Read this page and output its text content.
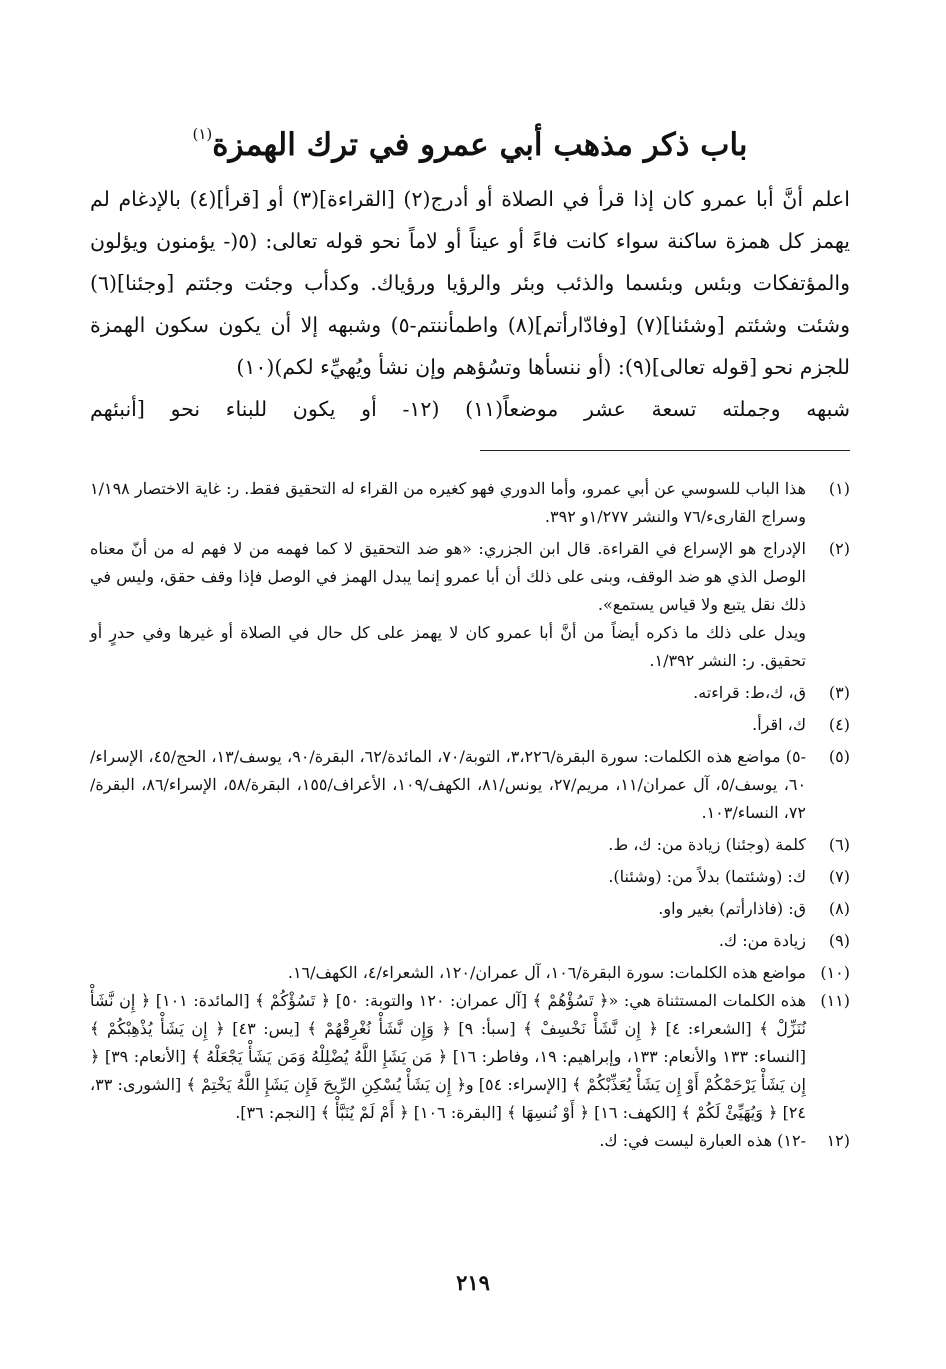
باب ذكر مذهب أبي عمرو في ترك الهمزة$^{(١)}$
اعلم أنَّ أبا عمرو كان إذا قرأ في الصلاة أو أدرج(٢) [القراءة](٣) أو [قرأ](٤) بالإدغام لم
يهمز كل همزة ساكنة سواء كانت فاءً أو عيناً أو لاماً نحو قوله تعالى: (٥(- يؤمنون ويؤلون
والمؤتفكات وبئس وبئسما والذئب وبئر والرؤيا ورؤياك. وكدأب وجئت وجئتم [وجئنا](٦)
وشئت وشئتم [وشئنا](٧) [وفادّارأتم](٨) واطمأننتم-٥) وشبهه إلا أن يكون سكون الهمزة
للجزم نحو [قوله تعالى](٩): (أو ننسأها وتسُؤهم وإن نشأ ويُهيِّء لكم)(١٠)
شبهه وجملته تسعة عشر موضعاً(١١) (١٢- أو يكون للبناء نحو [أنبئهم
(١)
هذا الباب للسوسي عن أبي عمرو، وأما الدوري فهو كغيره من القراء له التحقيق فقط. ر: غاية الاختصار ١/١٩٨ وسراج القارىء/٧٦ والنشر ١/٢٧٧و ٣٩٢.
(٢)
الإدراج هو الإسراع في القراءة. قال ابن الجزري: «هو ضد التحقيق لا كما فهمه من لا فهم له من أنّ معناه الوصل الذي هو ضد الوقف، وبنى على ذلك أن أبا عمرو إنما يبدل الهمز في الوصل فإذا وقف حقق، وليس في ذلك نقل يتبع ولا قياس يستمع».
ويدل على ذلك ما ذكره أيضاً من أنَّ أبا عمرو كان لا يهمز على كل حال في الصلاة أو غيرها وفي حدرٍ أو تحقيق. ر: النشر ١/٣٩٢.
(٣)
ق، ك،ط: قراءته.
(٤)
ك، اقرأ.
(٥)
-٥) مواضع هذه الكلمات: سورة البقرة/٣،٢٢٦، التوبة/٧٠، المائدة/٦٢، البقرة/٩٠، يوسف/١٣، الحج/٤٥، الإسراء/٦٠، يوسف/٥، آل عمران/١١، مريم/٢٧، يونس/٨١، الكهف/١٠٩، الأعراف/١٥٥، البقرة/٥٨، الإسراء/٨٦، البقرة/٧٢، النساء/١٠٣.
(٦)
كلمة (وجئنا) زيادة من: ك، ط.
(٧)
ك: (وشئتما) بدلاً من: (وشئنا).
(٨)
ق: (فاذارأتم) بغير واو.
(٩)
زيادة من: ك.
(١٠)
مواضع هذه الكلمات: سورة البقرة/١٠٦، آل عمران/١٢٠، الشعراء/٤، الكهف/١٦.
(١١)
هذه الكلمات المستثناة هي: «﴿ تَسُؤْهُمْ ﴾ [آل عمران: ١٢٠ والتوبة: ٥٠] ﴿ تَسُؤْكُمْ ﴾ [المائدة: ١٠١] ﴿ إِن نَّشَأْ نُنَزِّلْ ﴾ [الشعراء: ٤] ﴿ إِن نَّشَأْ نَخْسِفْ ﴾ [سبأ: ٩] ﴿ وَإِن نَّشَأْ نُغْرِقْهُمْ ﴾ [يس: ٤٣] ﴿ إِن يَشَأْ يُذْهِبْكُمْ ﴾ [النساء: ١٣٣ والأنعام: ١٣٣، وإبراهيم: ١٩، وفاطر: ١٦] ﴿ مَن يَشَإِ اللَّهُ يُضْلِلْهُ وَمَن يَشَأْ يَجْعَلْهُ ﴾ [الأنعام: ٣٩] ﴿ إِن يَشَأْ يَرْحَمْكُمْ أَوْ إِن يَشَأْ يُعَذِّبْكُمْ ﴾ [الإسراء: ٥٤] و﴿ إِن يَشَأْ يُسْكِنِ الرِّيحَ فَإِن يَشَإِ اللَّهُ يَخْتِمْ ﴾ [الشورى: ٣٣، ٢٤] ﴿ وَيُهَيِّئْ لَكُمْ ﴾ [الكهف: ١٦] ﴿ أَوْ نُنسِهَا ﴾ [البقرة: ١٠٦] ﴿ أَمْ لَمْ يُنَبَّأْ ﴾ [النجم: ٣٦].
(١٢
-١٢) هذه العبارة ليست في: ك.
٢١٩
